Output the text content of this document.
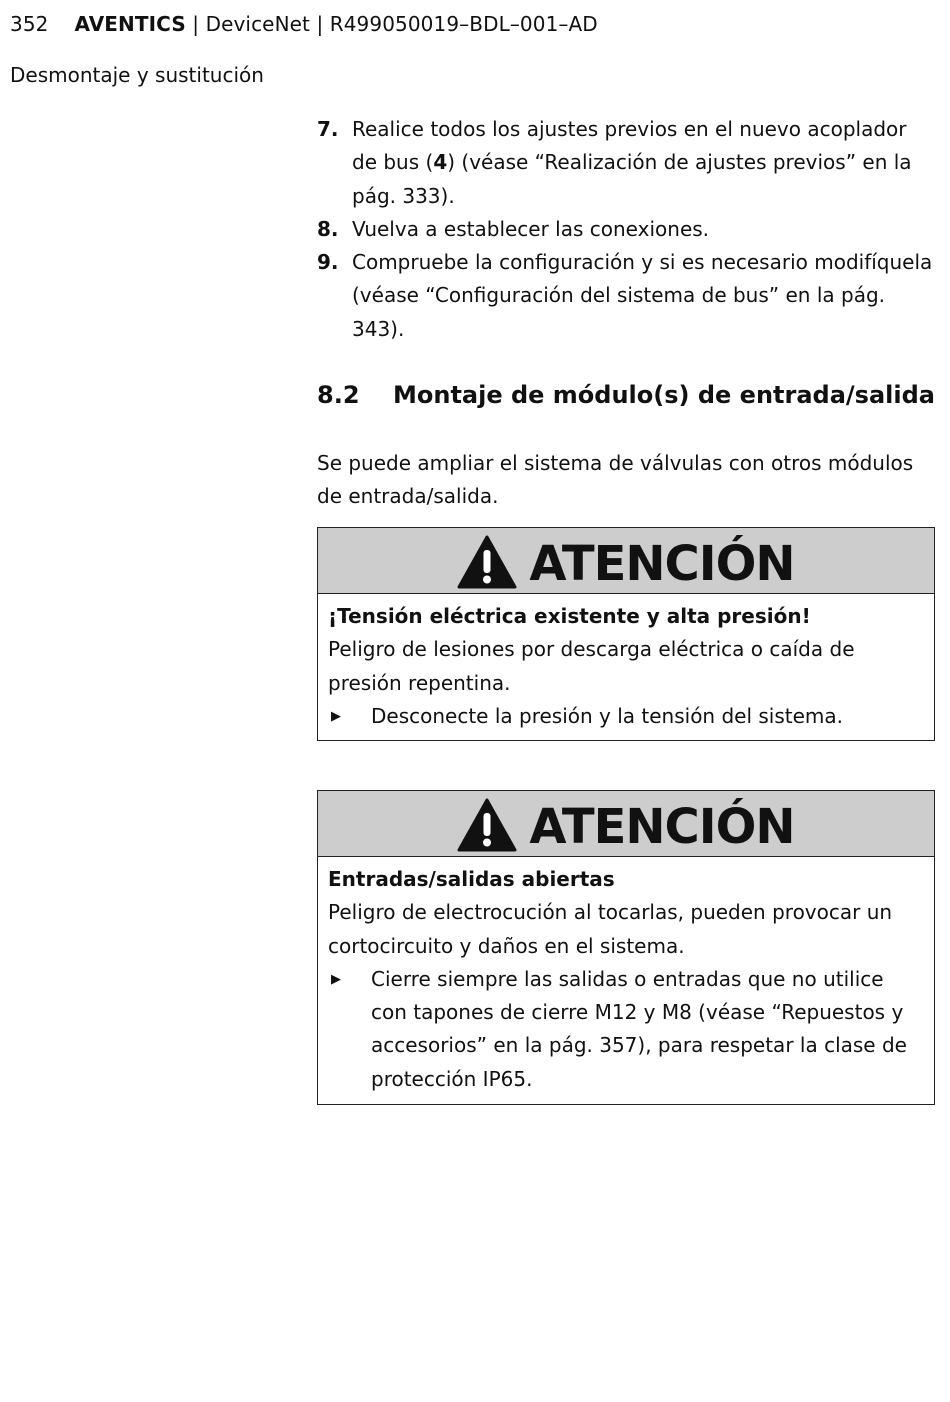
352 AVENTICS | DeviceNet | R499050019–BDL–001–AD
Desmontaje y sustitución
7. Realice todos los ajustes previos en el nuevo acoplador de bus (4) (véase “Realización de ajustes previos” en la pág. 333).
8. Vuelva a establecer las conexiones.
9. Compruebe la configuración y si es necesario modifíquela (véase “Configuración del sistema de bus” en la pág. 343).
8.2 Montaje de módulo(s) de entrada/salida

Se puede ampliar el sistema de válvulas con otros módulos de entrada/salida.

ATENCIÓN
¡Tensión eléctrica existente y alta presión!
Peligro de lesiones por descarga eléctrica o caída de presión repentina.
▶	Desconecte la presión y la tensión del sistema.
ATENCIÓN
Entradas/salidas abiertas
Peligro de electrocución al tocarlas, pueden provocar un cortocircuito y daños en el sistema.
▶	Cierre siempre las salidas o entradas que no utilice con tapones de cierre M12 y M8 (véase “Repuestos y accesorios” en la pág. 357), para respetar la clase de protección IP65.
